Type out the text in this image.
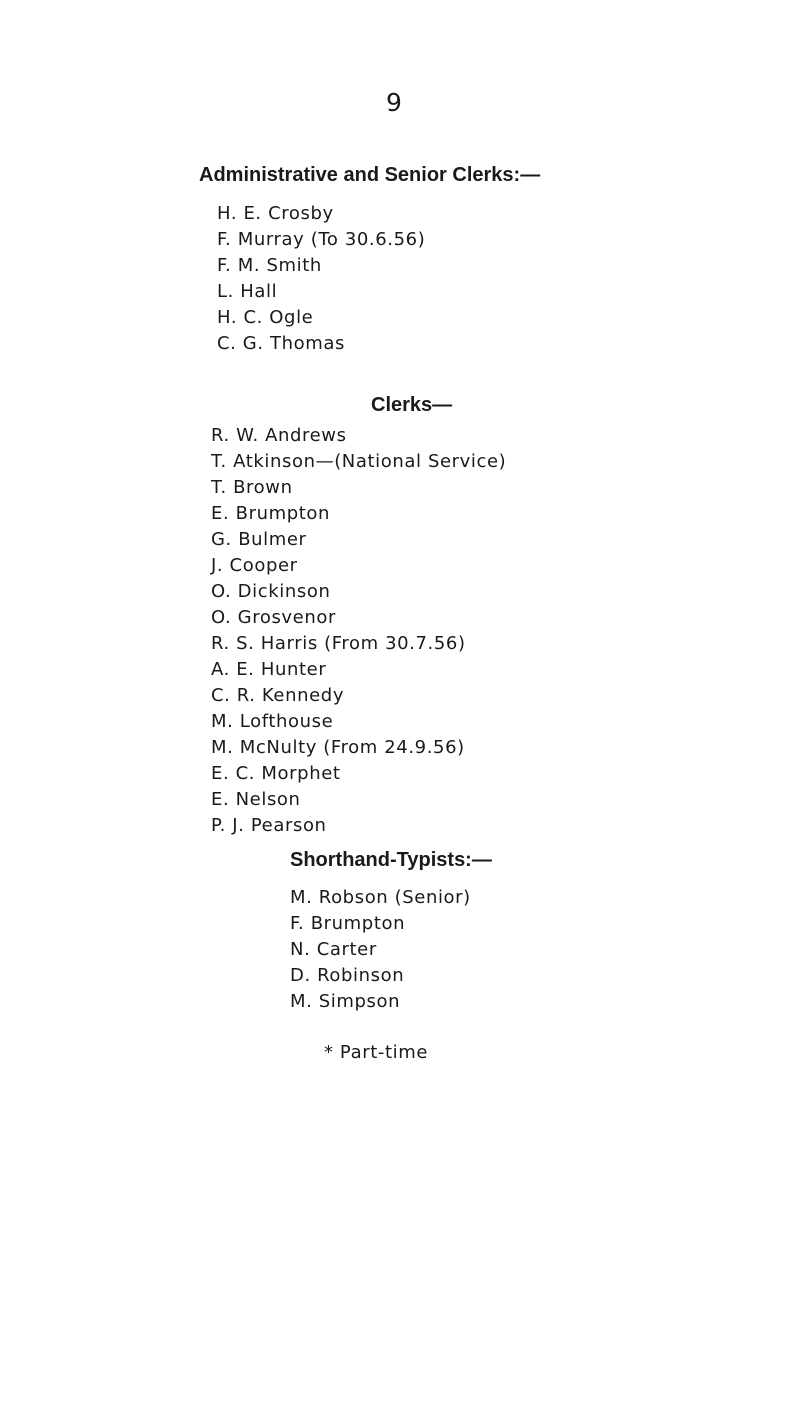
9
Administrative and Senior Clerks:—
H. E. Crosby
F. Murray (To 30.6.56)
F. M. Smith
L. Hall
H. C. Ogle
C. G. Thomas
Clerks—
R. W. Andrews
T. Atkinson—(National Service)
T. Brown
E. Brumpton
G. Bulmer
J. Cooper
O. Dickinson
O. Grosvenor
R. S. Harris (From 30.7.56)
A. E. Hunter
C. R. Kennedy
M. Lofthouse
M. McNulty (From 24.9.56)
E. C. Morphet
E. Nelson
P. J. Pearson
Shorthand-Typists:—
M. Robson (Senior)
F. Brumpton
N. Carter
D. Robinson
M. Simpson
* Part-time
